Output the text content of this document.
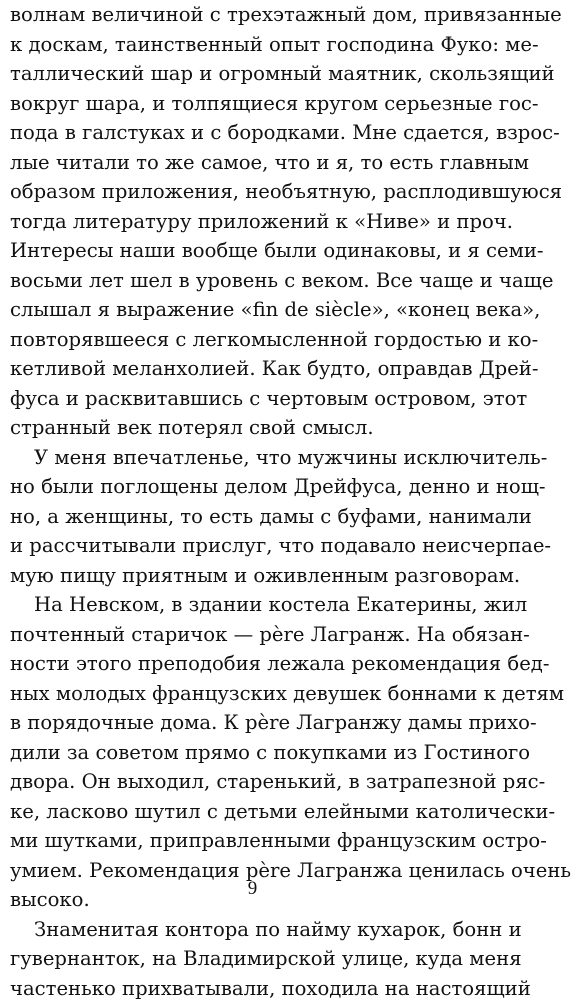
волнам величиной с трехэтажный дом, привязанные
к доскам, таинственный опыт господина Фуко: ме-
таллический шар и огромный маятник, скользящий
вокруг шара, и толпящиеся кругом серьезные гос-
пода в галстуках и с бородками. Мне сдается, взрос-
лые читали то же самое, что и я, то есть главным
образом приложения, необъятную, расплодившуюся
тогда литературу приложений к «Ниве» и проч.
Интересы наши вообще были одинаковы, и я семи-
восьми лет шел в уровень с веком. Все чаще и чаще
слышал я выражение «fin de siècle», «конец века»,
повторявшееся с легкомысленной гордостью и ко-
кетливой меланхолией. Как будто, оправдав Дрей-
фуса и расквитавшись с чертовым островом, этот
странный век потерял свой смысл.
У меня впечатленье, что мужчины исключитель-
но были поглощены делом Дрейфуса, денно и нощ-
но, а женщины, то есть дамы с буфами, нанимали
и рассчитывали прислуг, что подавало неисчерпае-
мую пищу приятным и оживленным разговорам.
На Невском, в здании костела Екатерины, жил
почтенный старичок — père Лагранж. На обязан-
ности этого преподобия лежала рекомендация бед-
ных молодых французских девушек боннами к детям
в порядочные дома. К père Лагранжу дамы прихо-
дили за советом прямо с покупками из Гостиного
двора. Он выходил, старенький, в затрапезной ряс-
ке, ласково шутил с детьми елейными католически-
ми шутками, приправленными французским остро-
умием. Рекомендация père Лагранжа ценилась очень
высоко.
Знаменитая контора по найму кухарок, бонн и
гувернанток, на Владимирской улице, куда меня
частенько прихватывали, походила на настоящий
9
